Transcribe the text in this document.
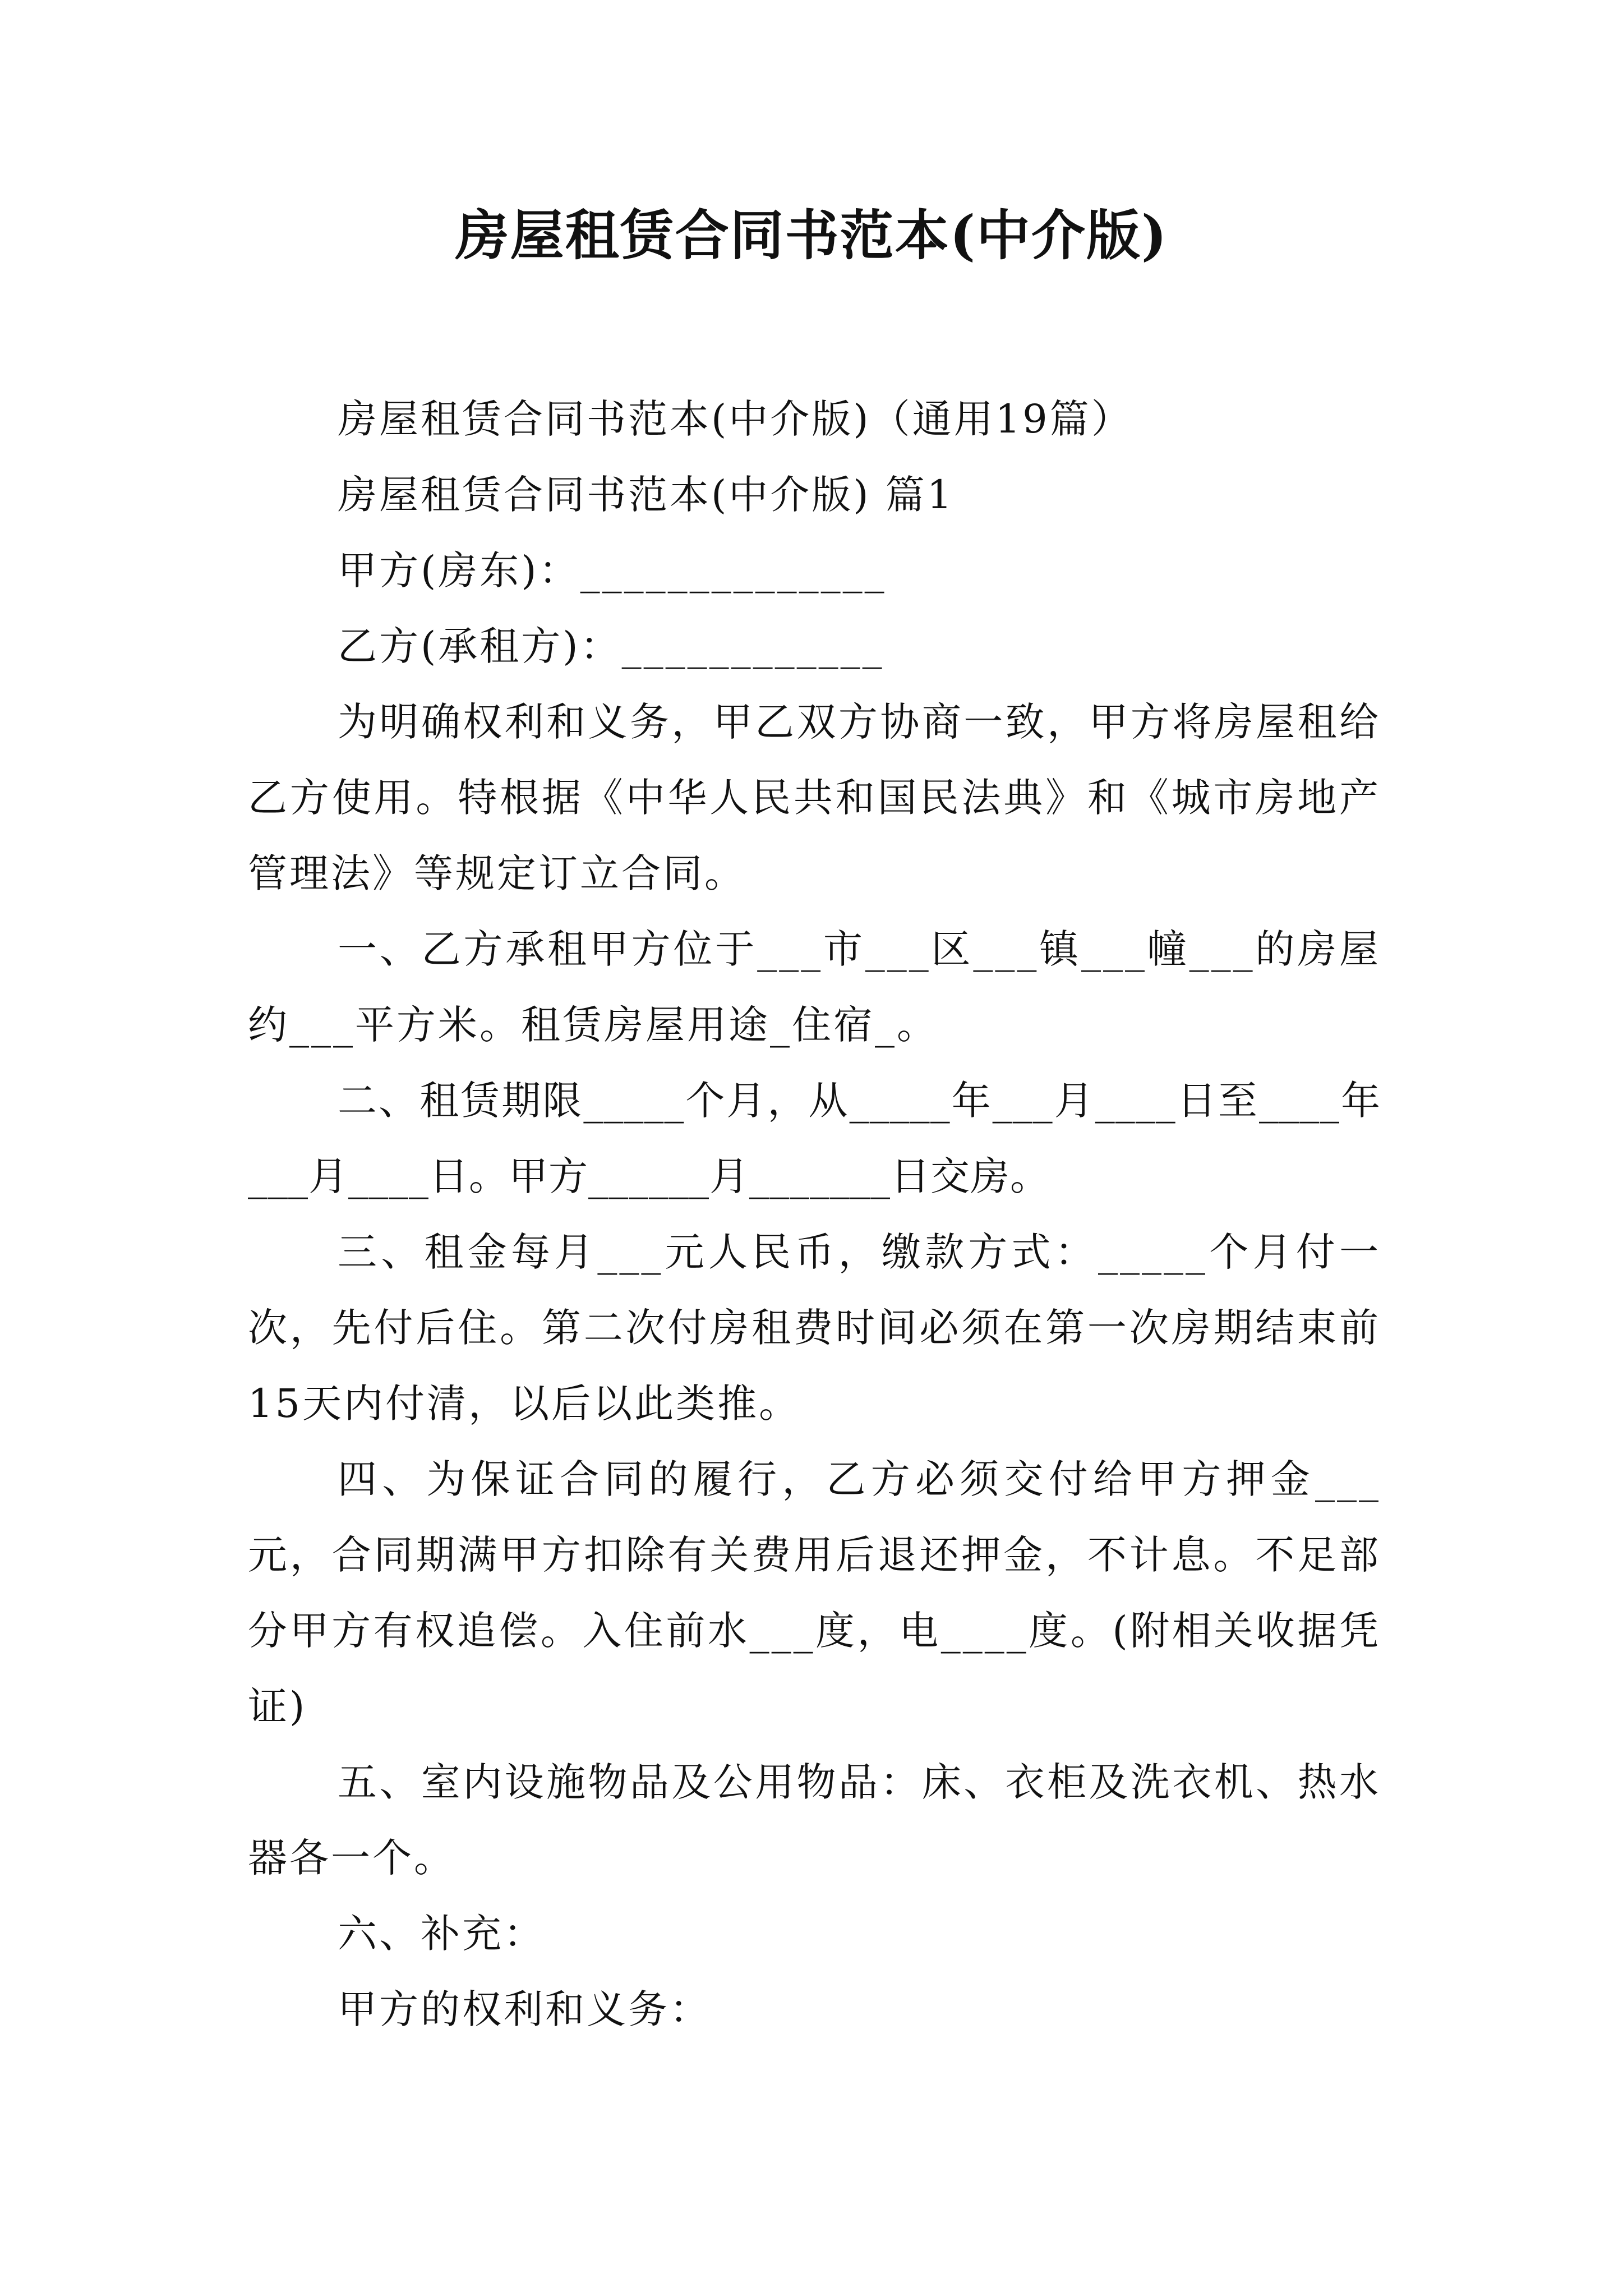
房屋租赁合同书范本(中介版)

房屋租赁合同书范本(中介版)（通用19篇）

房屋租赁合同书范本(中介版) 篇1

甲方(房东)：______________

乙方(承租方)：____________

为明确权利和义务，甲乙双方协商一致，甲方将房屋租给乙方使用。特根据《中华人民共和国民法典》和《城市房地产管理法》等规定订立合同。

一、乙方承租甲方位于___市___区___镇___幢___的房屋约___平方米。租赁房屋用途_住宿_。

二、租赁期限_____个月，从_____年___月____日至____年___月____日。甲方______月_______日交房。

三、租金每月___元人民币，缴款方式：_____个月付一次，先付后住。第二次付房租费时间必须在第一次房期结束前15天内付清，以后以此类推。

四、为保证合同的履行，乙方必须交付给甲方押金___元，合同期满甲方扣除有关费用后退还押金，不计息。不足部分甲方有权追偿。入住前水___度，电____度。(附相关收据凭证)

五、室内设施物品及公用物品：床、衣柜及洗衣机、热水器各一个。

六、补充：

甲方的权利和义务：
